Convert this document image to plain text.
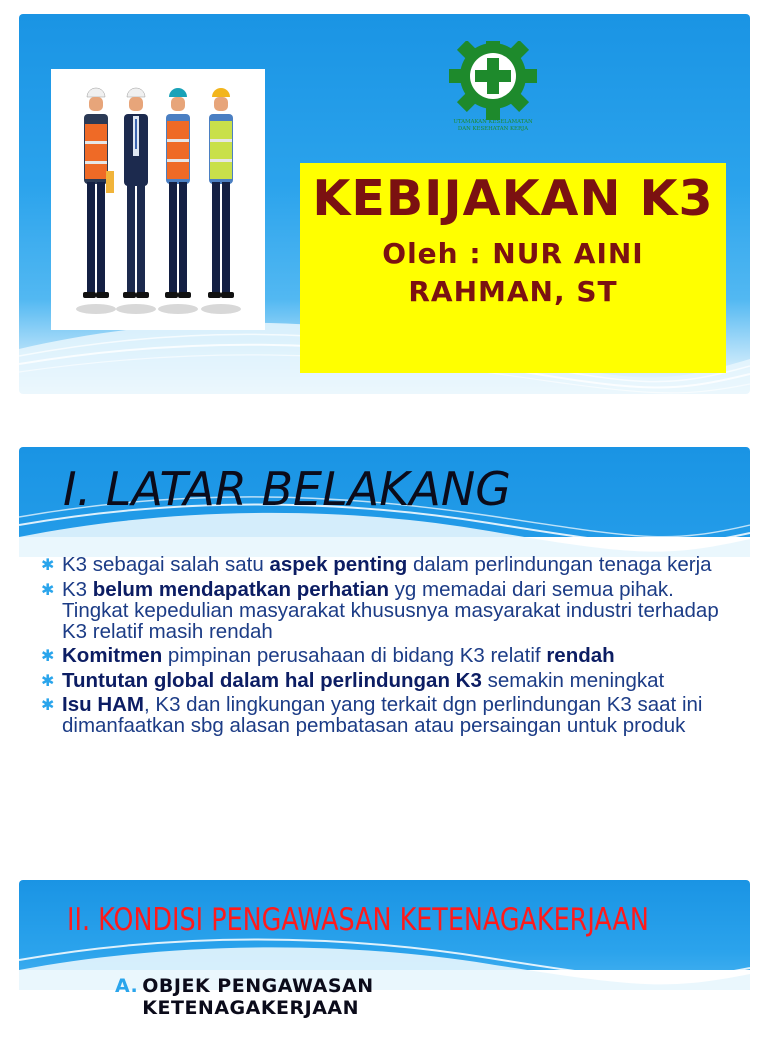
UTAMAKAN KESELAMATAN
DAN KESEHATAN KERJA
KEBIJAKAN K3
Oleh : NUR AINI RAHMAN, ST
I. LATAR BELAKANG
✱ K3 sebagai salah satu aspek penting dalam perlindungan tenaga kerja
✱ K3 belum mendapatkan perhatian yg memadai dari semua pihak. Tingkat kepedulian masyarakat khususnya masyarakat industri terhadap K3 relatif masih rendah
✱ Komitmen pimpinan perusahaan di bidang K3 relatif rendah
✱ Tuntutan global dalam hal perlindungan K3 semakin meningkat
✱ Isu HAM, K3 dan lingkungan yang terkait dgn perlindungan K3 saat ini dimanfaatkan sbg alasan pembatasan atau persaingan untuk produk
II. KONDISI PENGAWASAN KETENAGAKERJAAN
A. OBJEK PENGAWASAN
KETENAGAKERJAAN
